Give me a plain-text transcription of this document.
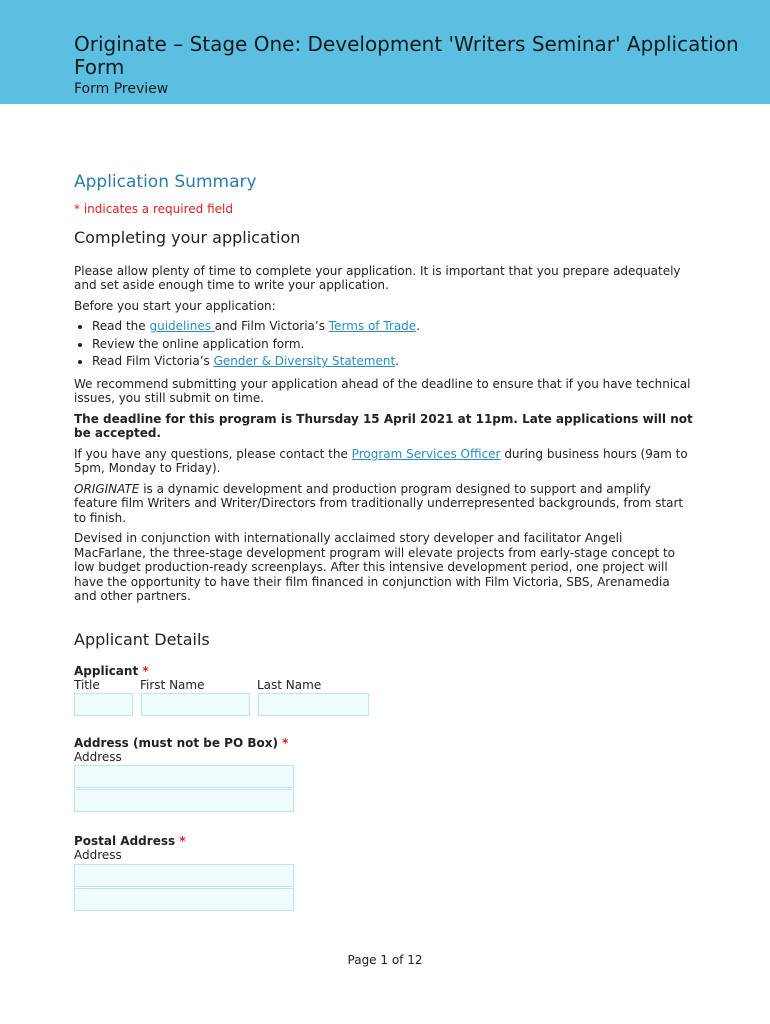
Originate – Stage One: Development 'Writers Seminar' Application Form
Form Preview
Application Summary
* indicates a required field
Completing your application

Please allow plenty of time to complete your application. It is important that you prepare adequately and set aside enough time to write your application.

Before you start your application:

• Read the guidelines and Film Victoria’s Terms of Trade.
• Review the online application form.
• Read Film Victoria’s Gender & Diversity Statement.

We recommend submitting your application ahead of the deadline to ensure that if you have technical issues, you still submit on time.

The deadline for this program is Thursday 15 April 2021 at 11pm. Late applications will not be accepted.

If you have any questions, please contact the Program Services Officer during business hours (9am to 5pm, Monday to Friday).

ORIGINATE is a dynamic development and production program designed to support and amplify feature film Writers and Writer/Directors from traditionally underrepresented backgrounds, from start to finish.

Devised in conjunction with internationally acclaimed story developer and facilitator Angeli MacFarlane, the three-stage development program will elevate projects from early-stage concept to low budget production-ready screenplays. After this intensive development period, one project will have the opportunity to have their film financed in conjunction with Film Victoria, SBS, Arenamedia and other partners.

Applicant Details
Applicant *
Title	First Name	Last Name
Address (must not be PO Box) *
Address
Postal Address *
Address
Page 1 of 12
